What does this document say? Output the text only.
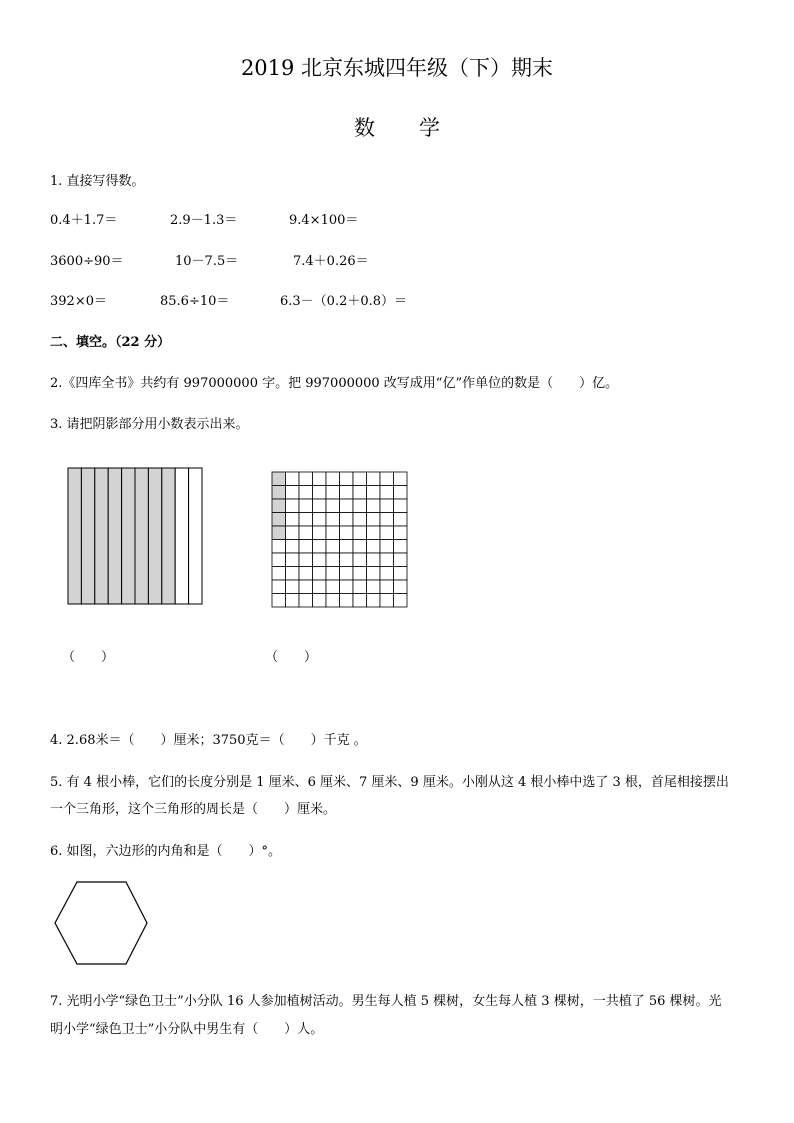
2019 北京东城四年级（下）期末
数 学
1. 直接写得数。
0.4＋1.7＝	2.9－1.3＝	9.4×100＝
3600÷90＝	10－7.5＝	7.4＋0.26＝
392×0＝	85.6÷10＝	6.3－（0.2＋0.8）＝
二、填空。（22 分）
2.《四库全书》共约有 997000000 字。把 997000000 改写成用“亿”作单位的数是（　　）亿。
3. 请把阴影部分用小数表示出来。
（　　）	（　　）
4. 2.68米＝（　　）厘米；3750克＝（　　）千克 。
5. 有 4 根小棒，它们的长度分别是 1 厘米、6 厘米、7 厘米、9 厘米。小刚从这 4 根小棒中选了 3 根，首尾相接摆出
一个三角形，这个三角形的周长是（　　）厘米。
6. 如图，六边形的内角和是（　　）°。
7. 光明小学“绿色卫士”小分队 16 人参加植树活动。男生每人植 5 棵树，女生每人植 3 棵树，一共植了 56 棵树。光
明小学“绿色卫士”小分队中男生有（　　）人。
